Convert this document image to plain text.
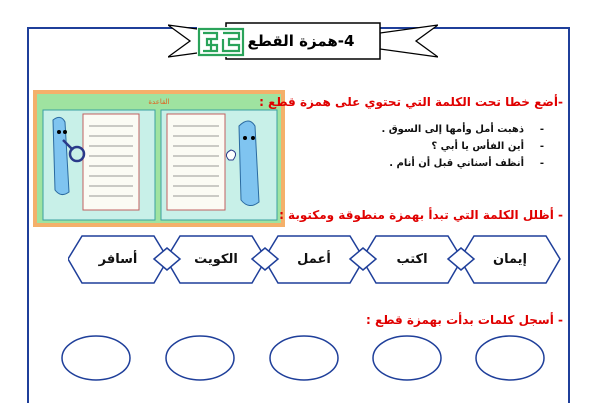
4-همزة القطع
القاعدة	-أضع خطا تحت الكلمة التي تحتوي على همزة قطع :
-ذهبت أمل وأمها إلى السوق .
-أين الفأس يا أبي ؟
-أنظف أسناني قبل أن أنام .
- أظلل الكلمة التي تبدأ بهمزة منطوقة ومكتوبة :
إيمان
اكتب
أعمل
الكويت
أسافر
- أسجل كلمات بدأت بهمزة قطع :
